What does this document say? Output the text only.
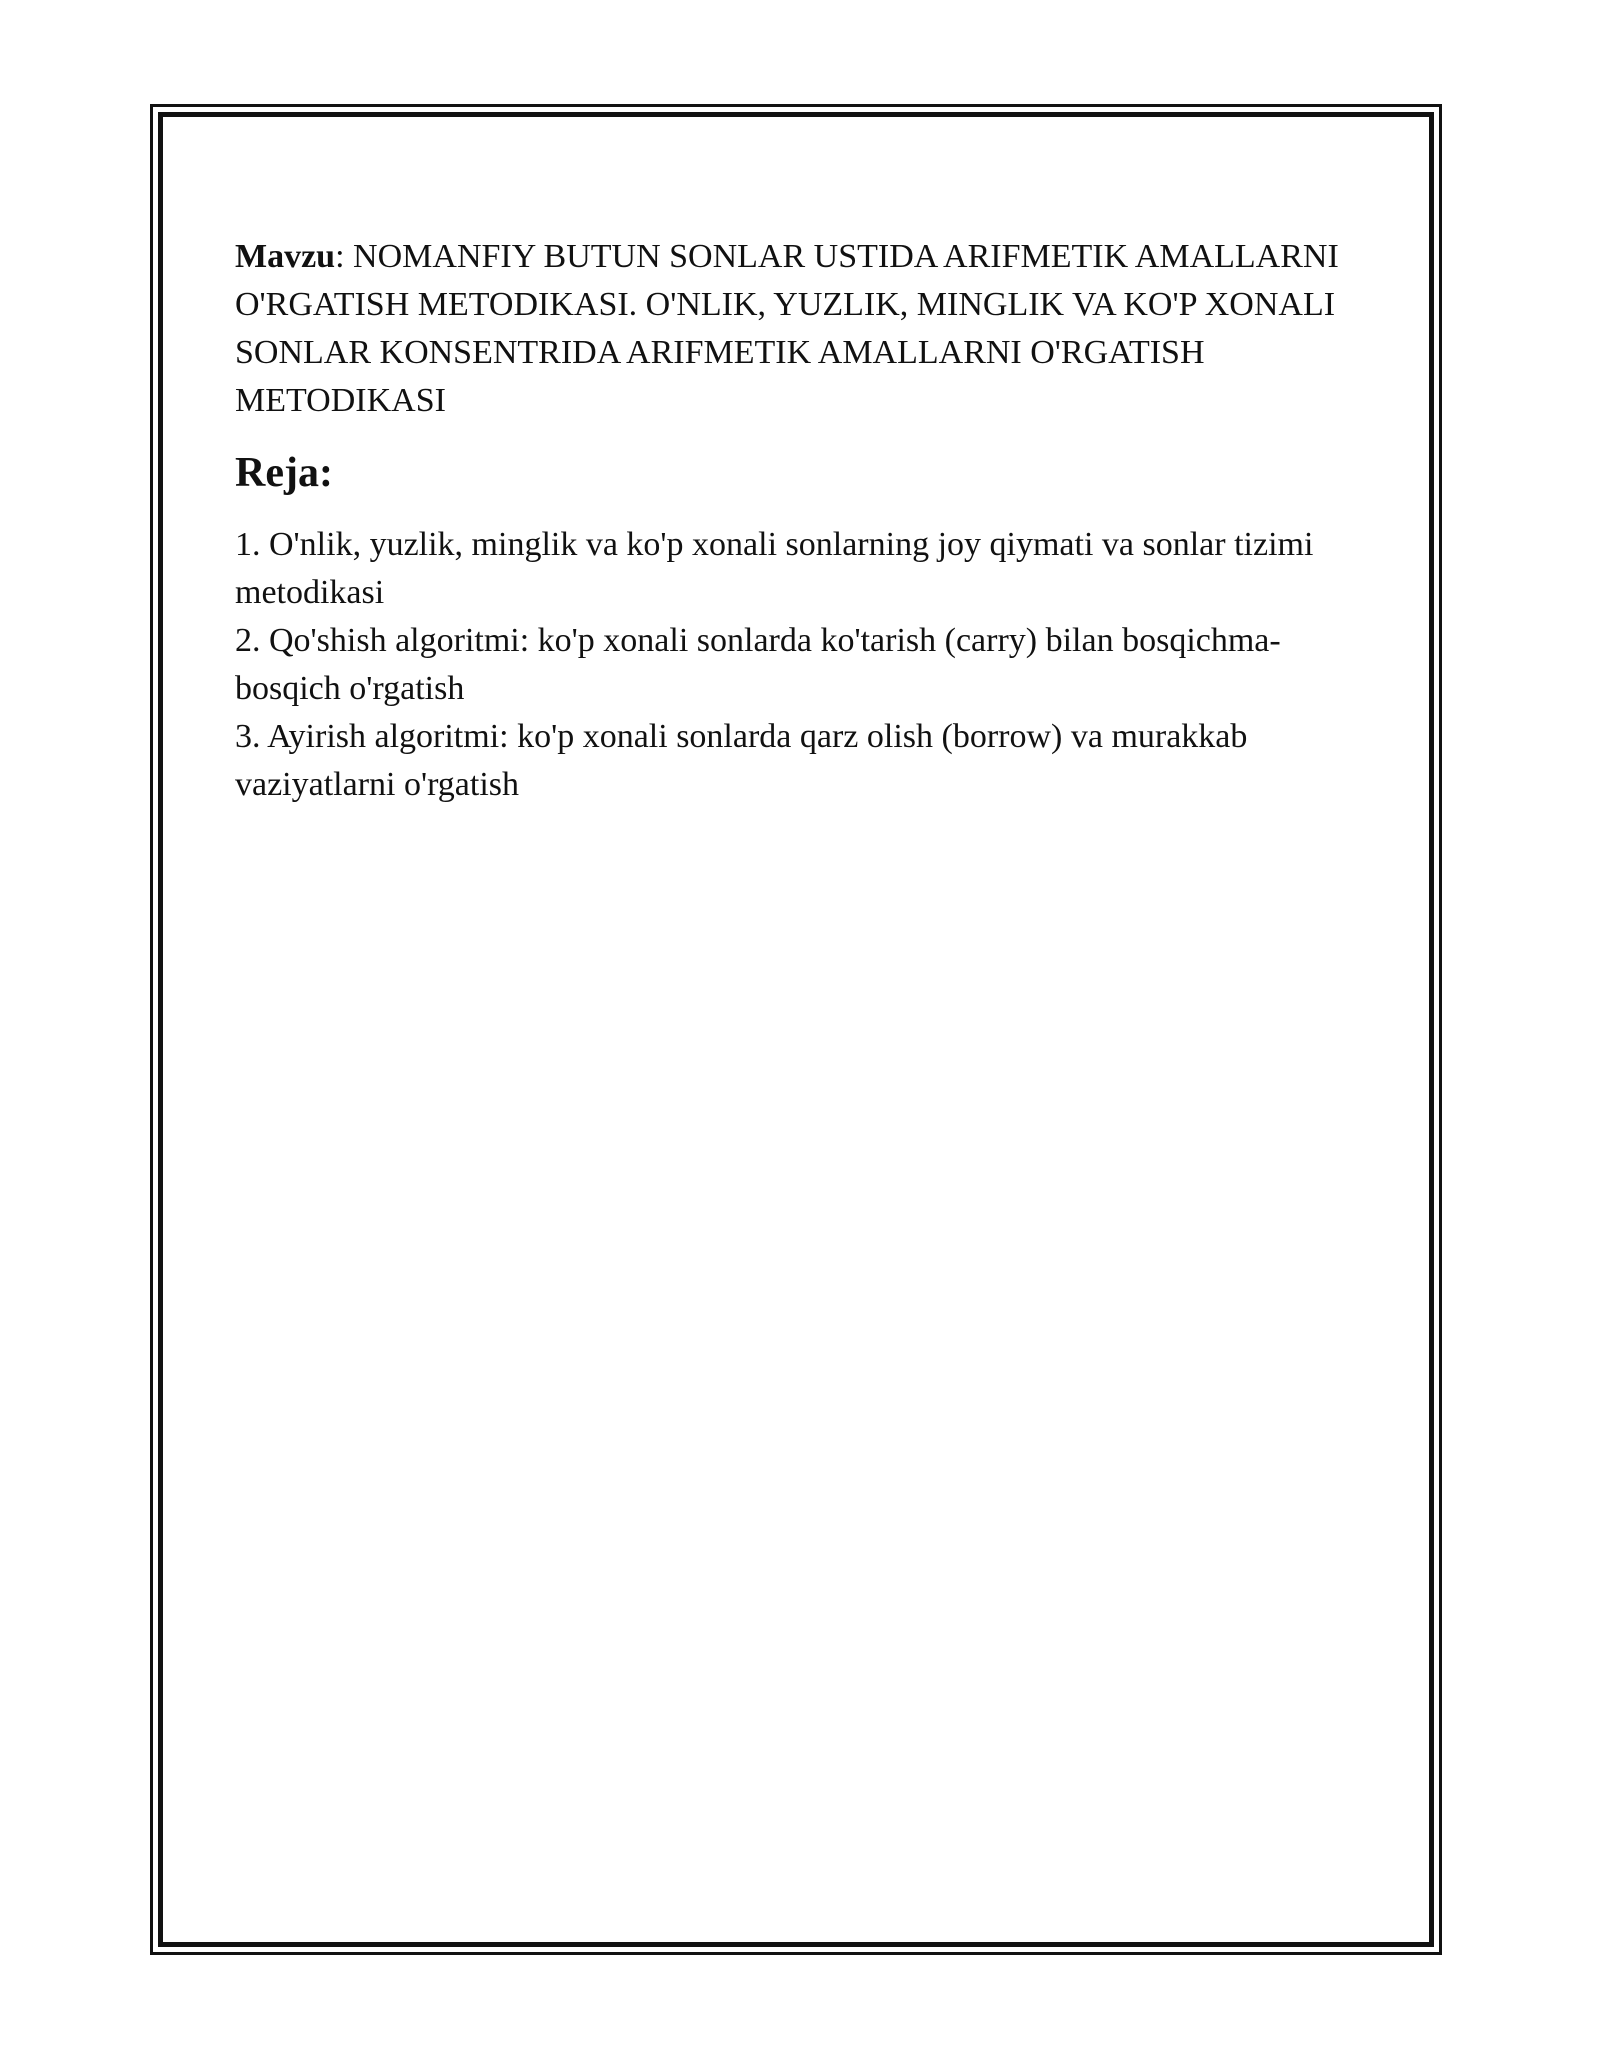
Mavzu: NOMANFIY BUTUN SONLAR USTIDA ARIFMETIK AMALLARNI O'RGATISH METODIKASI. O'NLIK, YUZLIK, MINGLIK VA KO'P XONALI SONLAR KONSENTRIDA ARIFMETIK AMALLARNI O'RGATISH METODIKASI

Reja:

1. O'nlik, yuzlik, minglik va ko'p xonali sonlarning joy qiymati va sonlar tizimi metodikasi

2. Qo'shish algoritmi: ko'p xonali sonlarda ko'tarish (carry) bilan bosqichma-bosqich o'rgatish

3. Ayirish algoritmi: ko'p xonali sonlarda qarz olish (borrow) va murakkab vaziyatlarni o'rgatish
